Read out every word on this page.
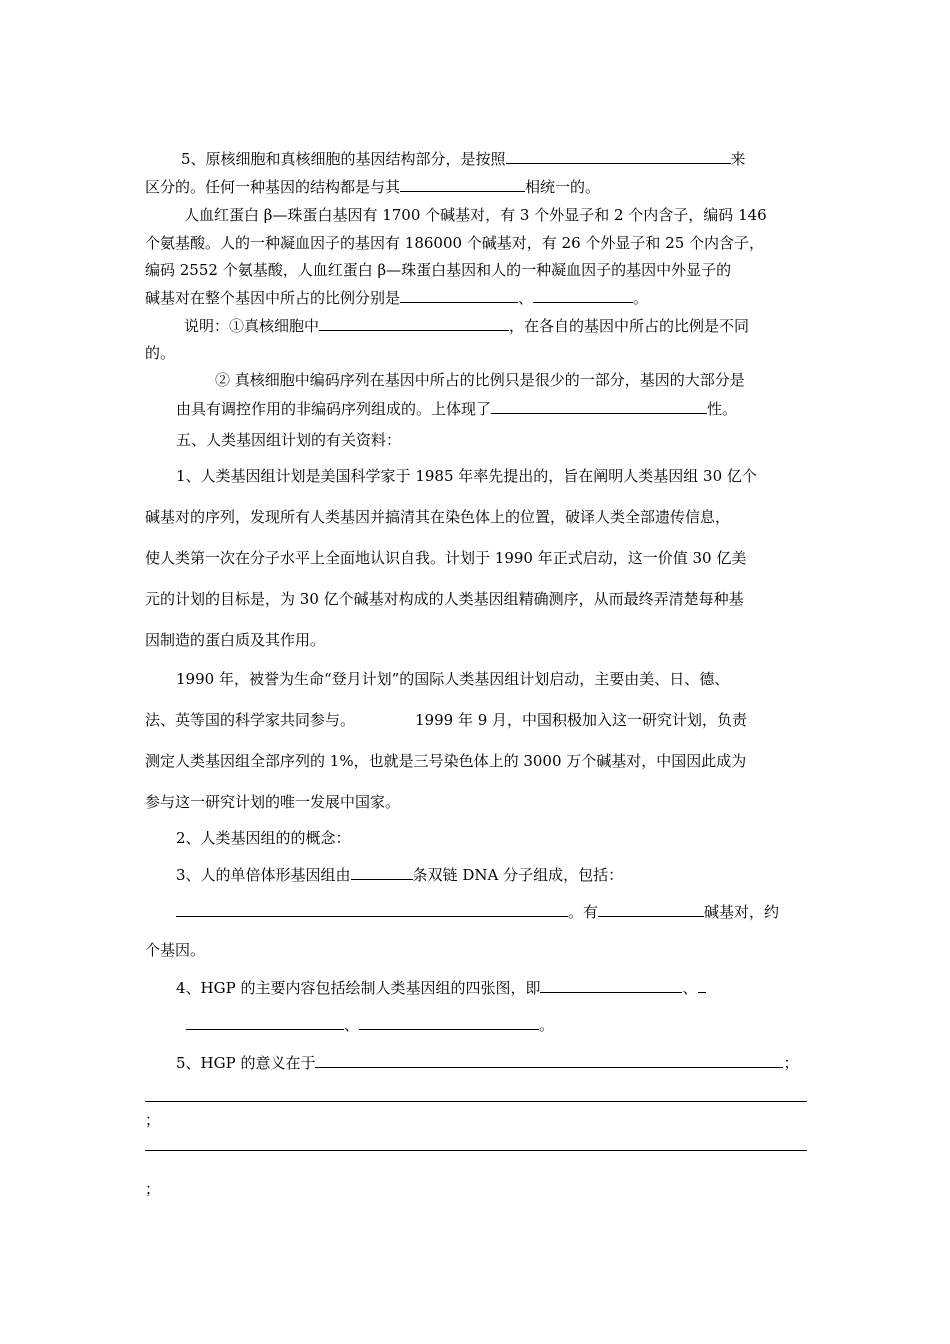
5、原核细胞和真核细胞的基因结构部分，是按照	来
区分的。任何一种基因的结构都是与其	相统一的。
人血红蛋白 β—珠蛋白基因有 1700 个碱基对，有 3 个外显子和 2 个内含子，编码 146
个氨基酸。人的一种凝血因子的基因有 186000 个碱基对，有 26 个外显子和 25 个内含子，
编码 2552 个氨基酸，人血红蛋白 β—珠蛋白基因和人的一种凝血因子的基因中外显子的
碱基对在整个基因中所占的比例分别是	、	。
说明：①真核细胞中	，在各自的基因中所占的比例是不同
的。
② 真核细胞中编码序列在基因中所占的比例只是很少的一部分，基因的大部分是
由具有调控作用的非编码序列组成的。上体现了	性。
五、人类基因组计划的有关资料：
1、人类基因组计划是美国科学家于 1985 年率先提出的，旨在阐明人类基因组 30 亿个
碱基对的序列，发现所有人类基因并搞清其在染色体上的位置，破译人类全部遗传信息，
使人类第一次在分子水平上全面地认识自我。计划于 1990 年正式启动，这一价值 30 亿美
元的计划的目标是，为 30 亿个碱基对构成的人类基因组精确测序，从而最终弄清楚每种基
因制造的蛋白质及其作用。
1990 年，被誉为生命“登月计划”的国际人类基因组计划启动，主要由美、日、德、
法、英等国的科学家共同参与。	1999 年 9 月，中国积极加入这一研究计划，负责
测定人类基因组全部序列的 1%，也就是三号染色体上的 3000 万个碱基对，中国因此成为
参与这一研究计划的唯一发展中国家。
2、人类基因组的的概念：
3、人的单倍体形基因组由	条双链 DNA 分子组成，包括：
。有	碱基对，约
个基因。
4、HGP 的主要内容包括绘制人类基因组的四张图，即	、
、	。
5、HGP 的意义在于	；
；
；
